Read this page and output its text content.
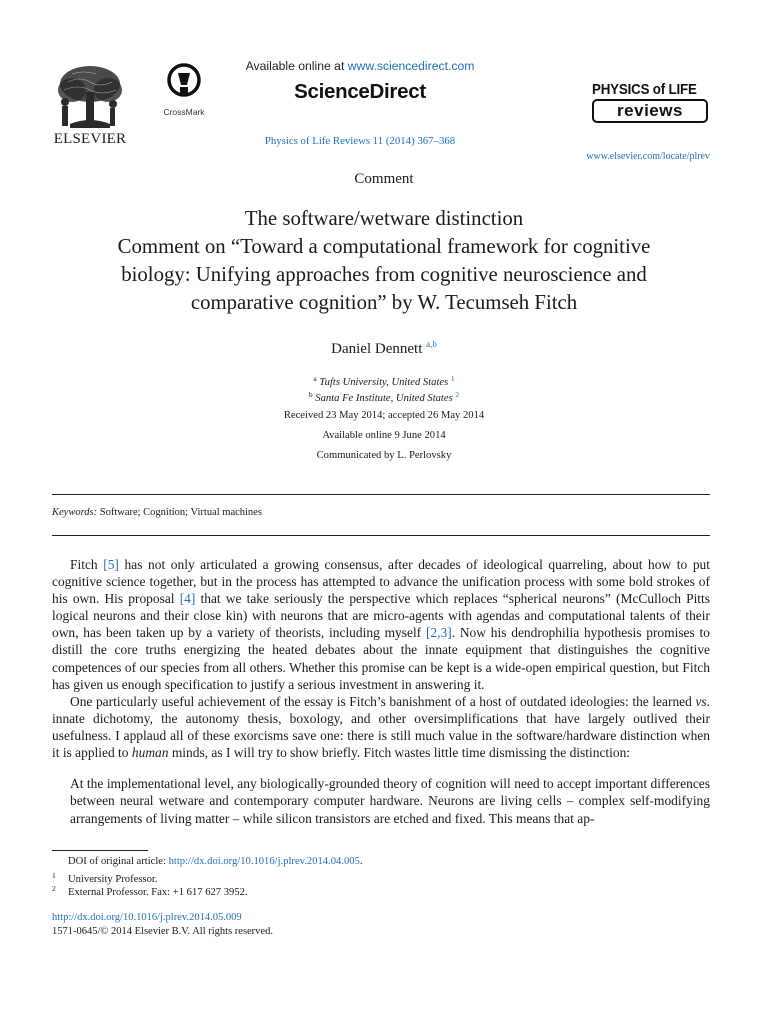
ELSEVIER
CrossMark
Available online at www.sciencedirect.com
ScienceDirect
Physics of Life Reviews 11 (2014) 367–368
PHYSICS of LIFE
reviews
www.elsevier.com/locate/plrev
Comment
The software/wetware distinction
Comment on “Toward a computational framework for cognitive
biology: Unifying approaches from cognitive neuroscience and
comparative cognition” by W. Tecumseh Fitch
Daniel Dennett $^{a,b}$
$^a$ Tufts University, United States $^1$
$^b$ Santa Fe Institute, United States $^2$
Received 23 May 2014; accepted 26 May 2014
Available online 9 June 2014
Communicated by L. Perlovsky
Keywords: Software; Cognition; Virtual machines

Fitch [5] has not only articulated a growing consensus, after decades of ideological quarreling, about how to put cognitive science together, but in the process has attempted to advance the unification process with some bold strokes of his own. His proposal [4] that we take seriously the perspective which replaces “spherical neurons” (McCulloch Pitts logical neurons and their close kin) with neurons that are micro-agents with agendas and computational talents of their own, has been taken up by a variety of theorists, including myself [2,3]. Now his dendrophilia hypothesis promises to distill the core truths energizing the heated debates about the innate equipment that distinguishes the cognitive competences of our species from all others. Whether this promise can be kept is a wide-open empirical question, but Fitch has given us enough specification to justify a serious investment in answering it.

One particularly useful achievement of the essay is Fitch’s banishment of a host of outdated ideologies: the learned vs. innate dichotomy, the autonomy thesis, boxology, and other oversimplifications that have largely outlived their usefulness. I applaud all of these exorcisms save one: there is still much value in the software/hardware distinction when it is applied to human minds, as I will try to show briefly. Fitch wastes little time dismissing the distinction:

At the implementational level, any biologically-grounded theory of cognition will need to accept important differences between neural wetware and contemporary computer hardware. Neurons are living cells – complex self-modifying arrangements of living matter – while silicon transistors are etched and fixed. This means that ap-

DOI of original article: http://dx.doi.org/10.1016/j.plrev.2014.04.005.
1 University Professor.
2 External Professor. Fax: +1 617 627 3952.
http://dx.doi.org/10.1016/j.plrev.2014.05.009
1571-0645/© 2014 Elsevier B.V. All rights reserved.
